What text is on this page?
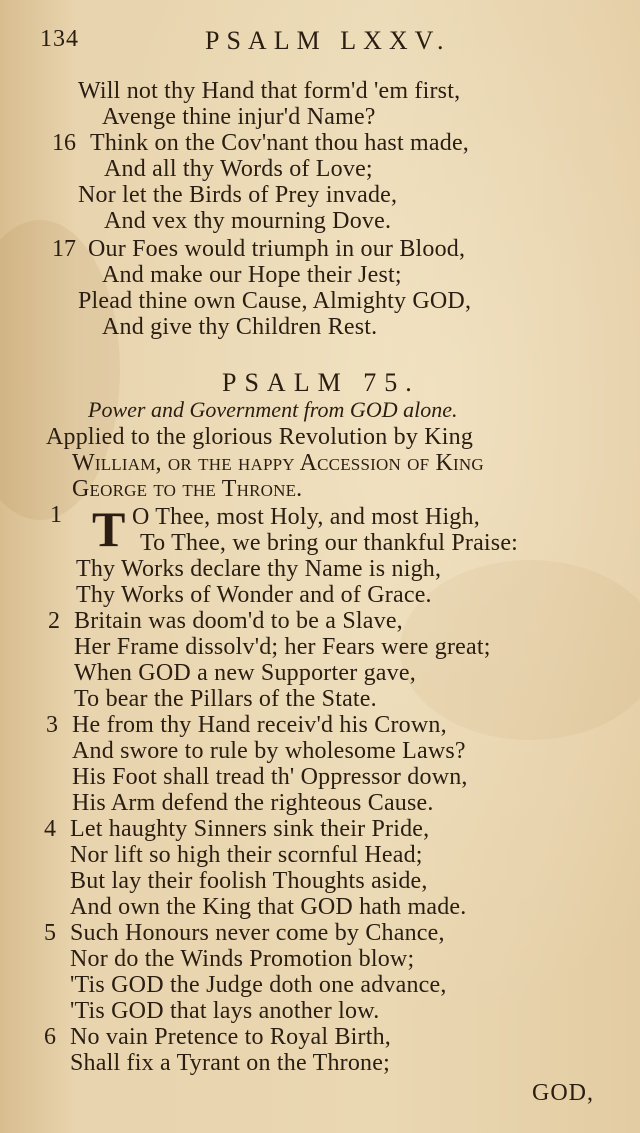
134	PSALM LXXV.
Will not thy Hand that form'd 'em first,
Avenge thine injur'd Name?
16 Think on the Cov'nant thou hast made,
And all thy Words of Love;
Nor let the Birds of Prey invade,
And vex thy mourning Dove.
17 Our Foes would triumph in our Blood,
And make our Hope their Jest;
Plead thine own Cause, Almighty GOD,
And give thy Children Rest.
PSALM 75.
Power and Government from GOD alone.
Applied to the glorious Revolution by King
William, or the happy Accession of King
George to the Throne.
1 T O Thee, most Holy, and most High,
To Thee, we bring our thankful Praise:
Thy Works declare thy Name is nigh,
Thy Works of Wonder and of Grace.
2 Britain was doom'd to be a Slave,
Her Frame dissolv'd; her Fears were great;
When GOD a new Supporter gave,
To bear the Pillars of the State.
3 He from thy Hand receiv'd his Crown,
And swore to rule by wholesome Laws?
His Foot shall tread th' Oppressor down,
His Arm defend the righteous Cause.
4 Let haughty Sinners sink their Pride,
Nor lift so high their scornful Head;
But lay their foolish Thoughts aside,
And own the King that GOD hath made.
5 Such Honours never come by Chance,
Nor do the Winds Promotion blow;
'Tis GOD the Judge doth one advance,
'Tis GOD that lays another low.
6 No vain Pretence to Royal Birth,
Shall fix a Tyrant on the Throne;
GOD,
